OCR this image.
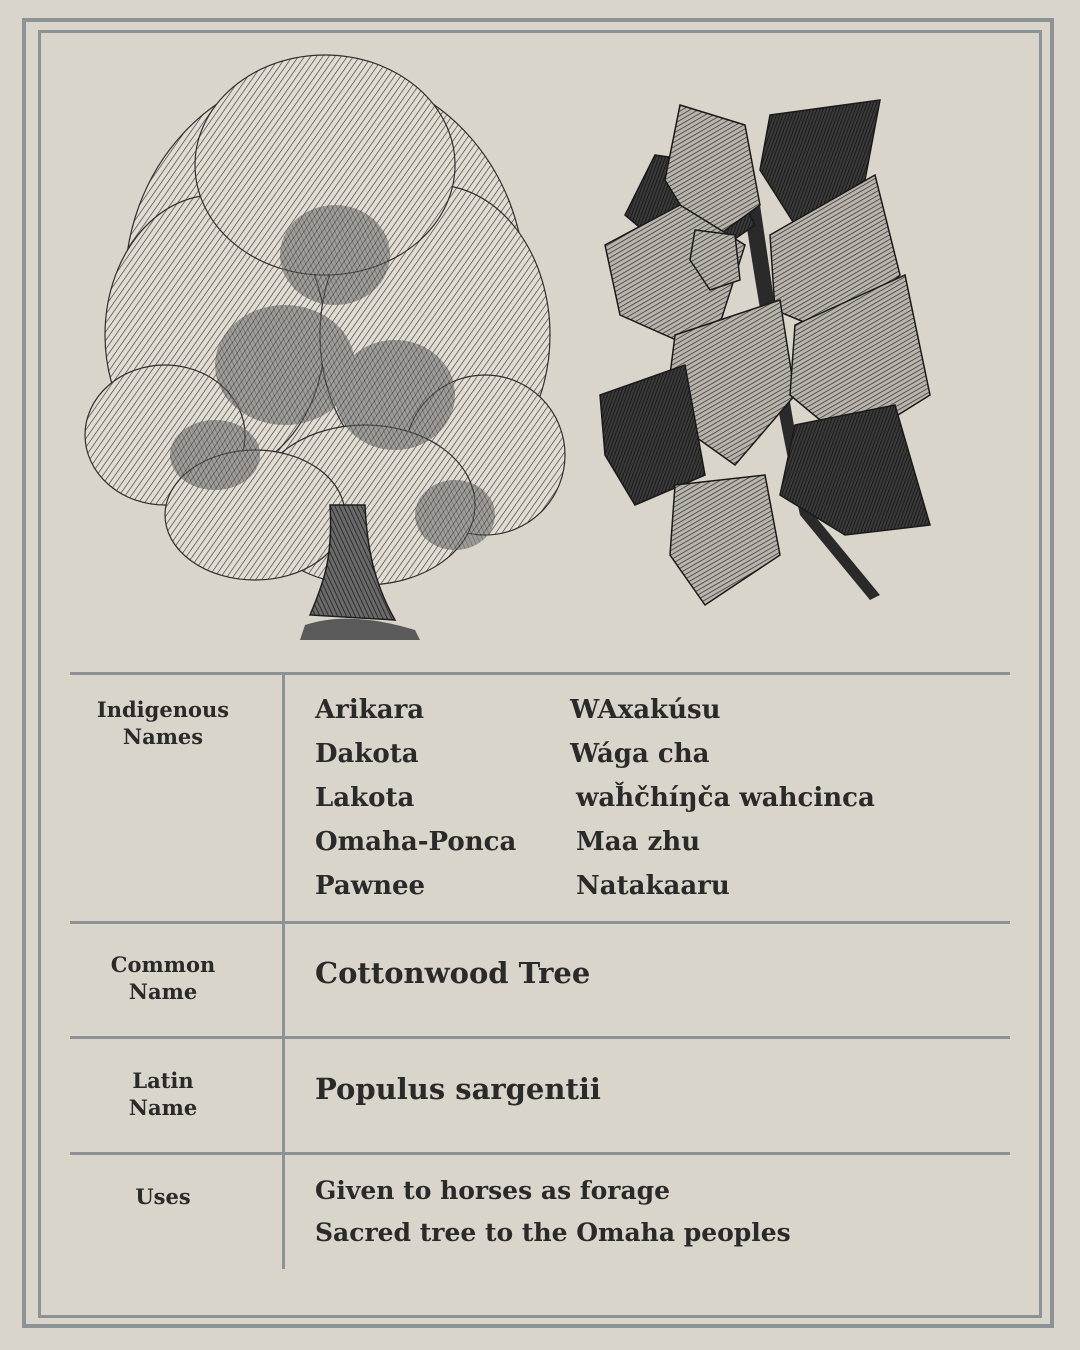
Indigenous
Names
Arikara	WAxakúsu
Dakota	Wága cha
Lakota	waȟčhíŋča wahcinca
Omaha-Ponca Maa zhu
Pawnee	Natakaaru
Common
Name
Cottonwood Tree
Latin
Name
Populus sargentii
Uses	Given to horses as forage
Sacred tree to the Omaha peoples
